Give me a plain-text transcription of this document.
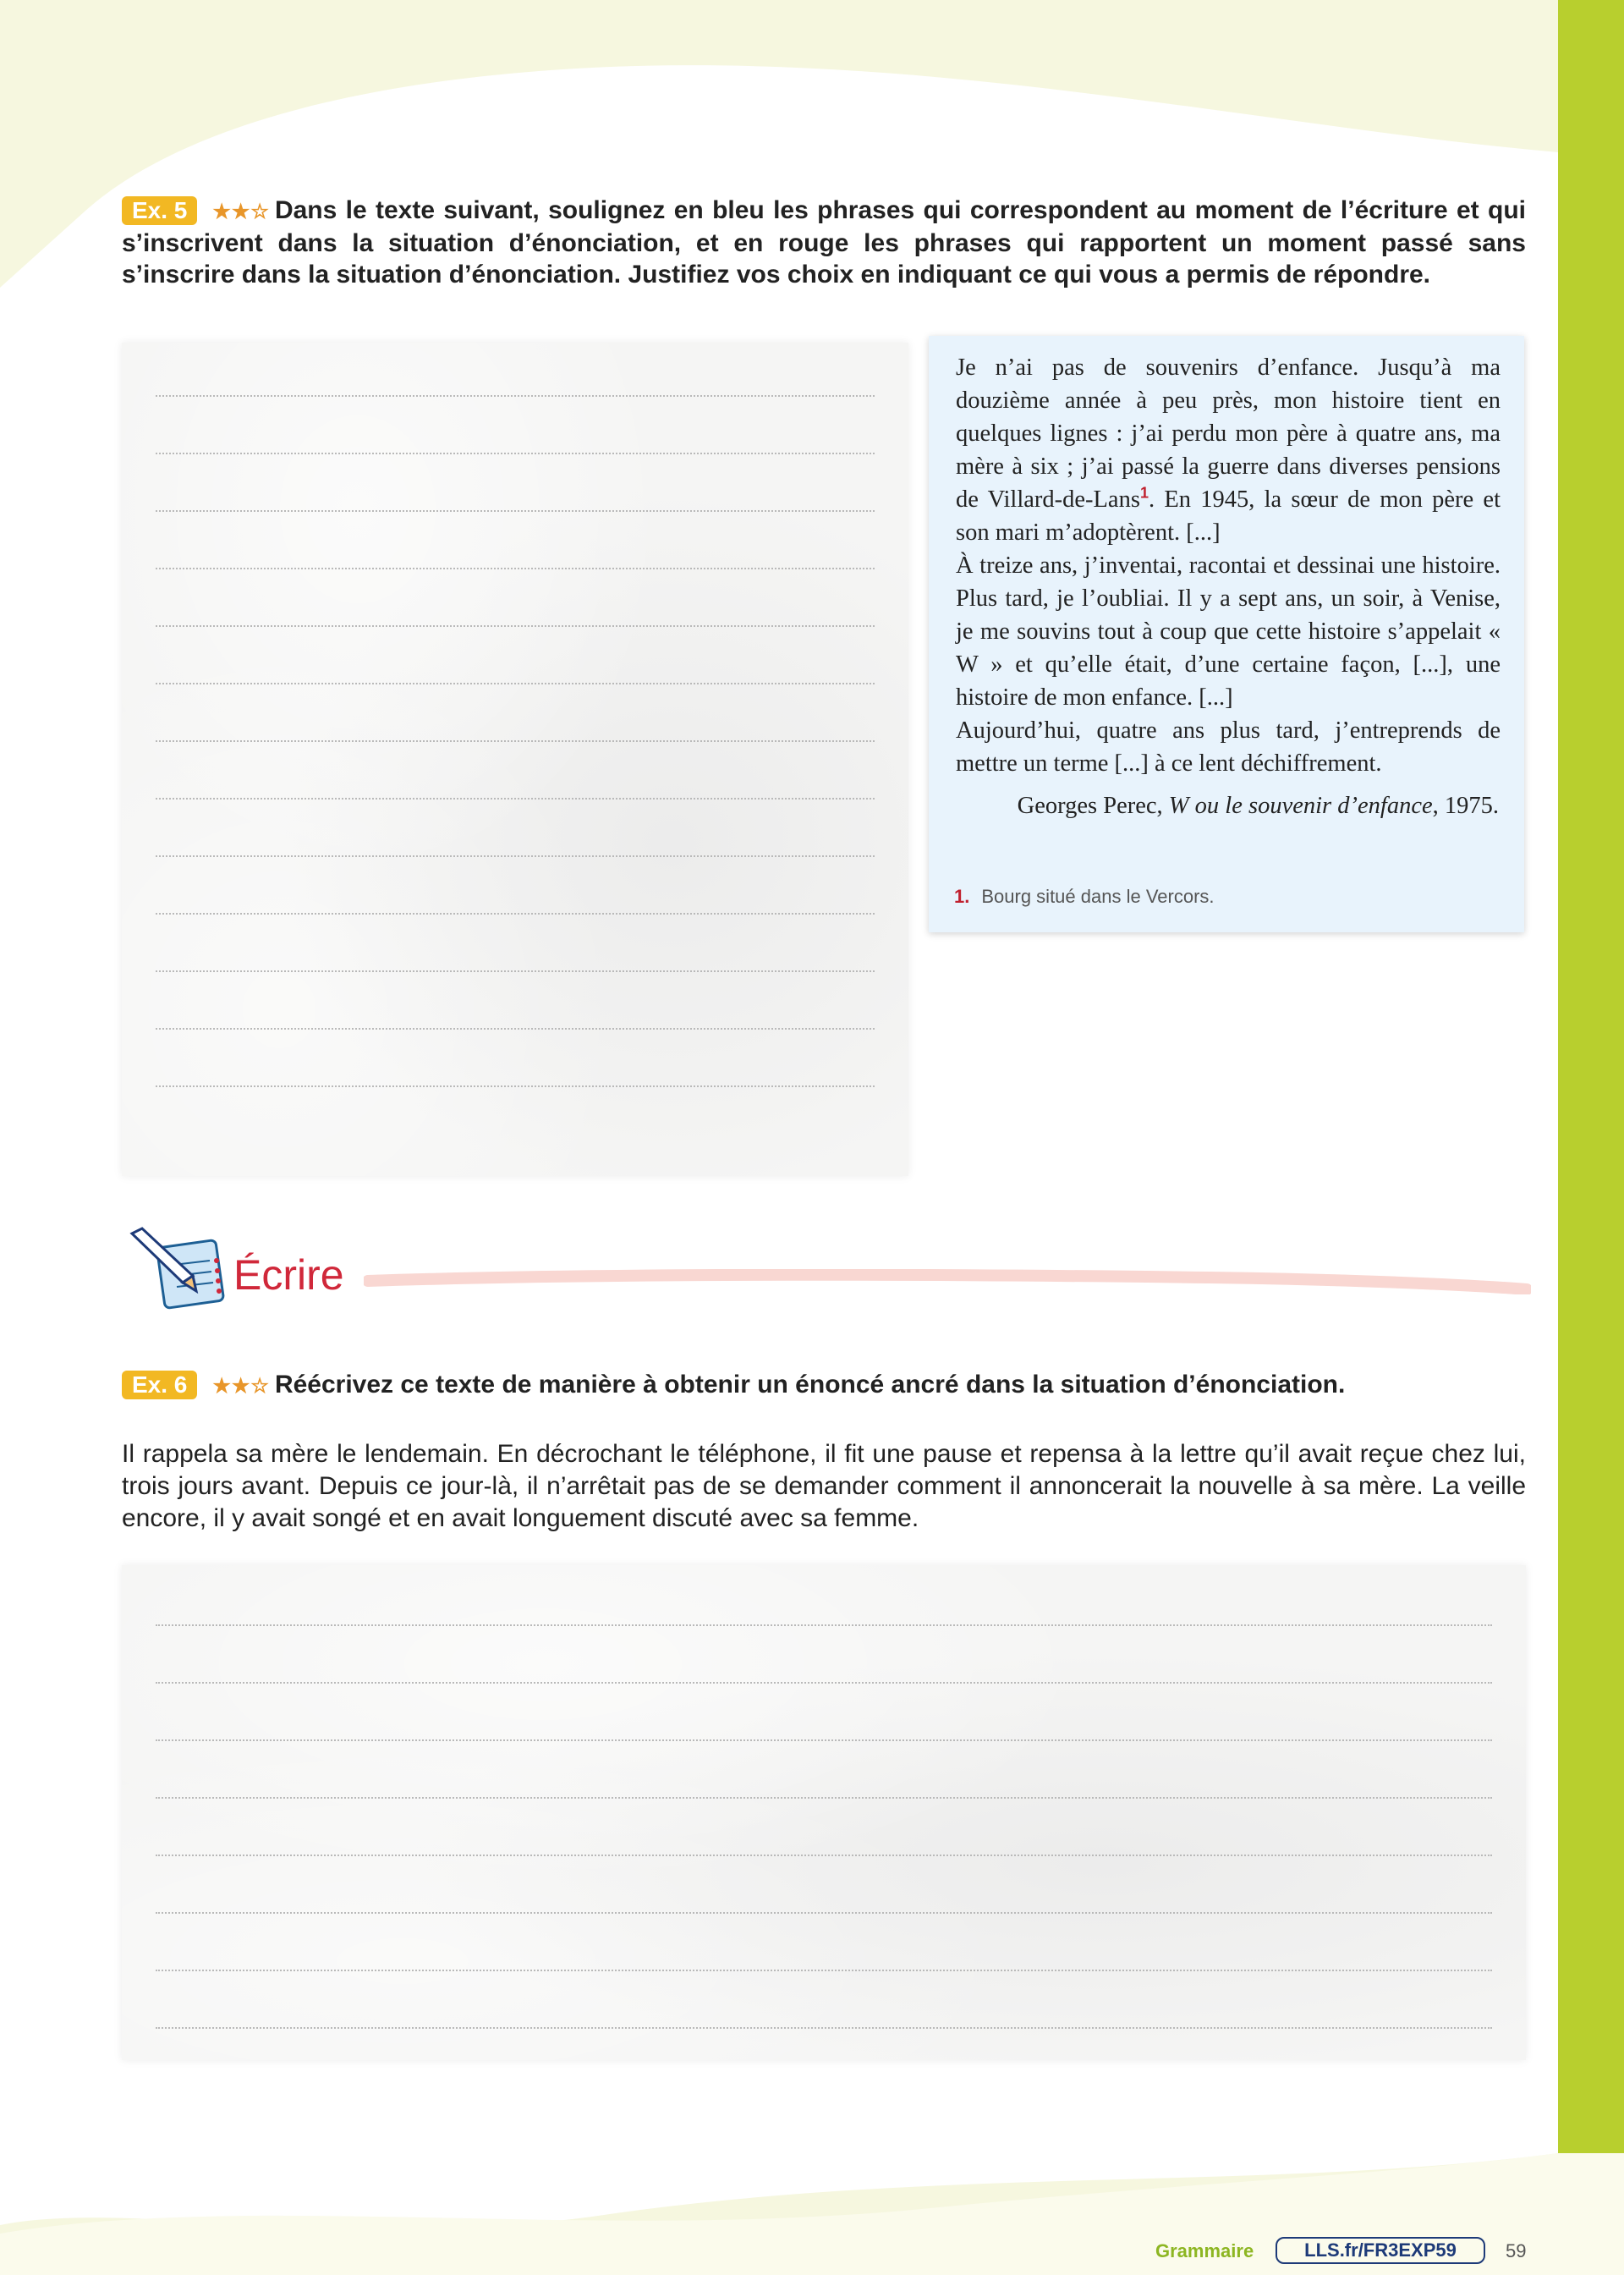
Ex. 5 ★★☆ Dans le texte suivant, soulignez en bleu les phrases qui correspondent au moment de l’écriture et qui s’inscrivent dans la situation d’énonciation, et en rouge les phrases qui rapportent un moment passé sans s’inscrire dans la situation d’énonciation. Justifiez vos choix en indiquant ce qui vous a permis de répondre.

Je n’ai pas de souvenirs d’enfance. Jusqu’à ma douzième année à peu près, mon histoire tient en quelques lignes : j’ai perdu mon père à quatre ans, ma mère à six ; j’ai passé la guerre dans diverses pensions de Villard-de-Lans$^1$. En 1945, la sœur de mon père et son mari m’adoptèrent. [...]

À treize ans, j’inventai, racontai et dessinai une histoire. Plus tard, je l’oubliai. Il y a sept ans, un soir, à Venise, je me souvins tout à coup que cette histoire s’appelait « W » et qu’elle était, d’une certaine façon, [...], une histoire de mon enfance. [...]

Aujourd’hui, quatre ans plus tard, j’entreprends de mettre un terme [...] à ce lent déchiffrement.

Georges Perec, W ou le souvenir d’enfance, 1975.
1. Bourg situé dans le Vercors.
Écrire
Ex. 6 ★★☆ Réécrivez ce texte de manière à obtenir un énoncé ancré dans la situation d’énonciation.
Il rappela sa mère le lendemain. En décrochant le téléphone, il fit une pause et repensa à la lettre qu’il avait reçue chez lui, trois jours avant. Depuis ce jour-là, il n’arrêtait pas de se demander comment il annoncerait la nouvelle à sa mère. La veille encore, il y avait songé et en avait longuement discuté avec sa femme.
Grammaire	LLS.fr/FR3EXP59	59
